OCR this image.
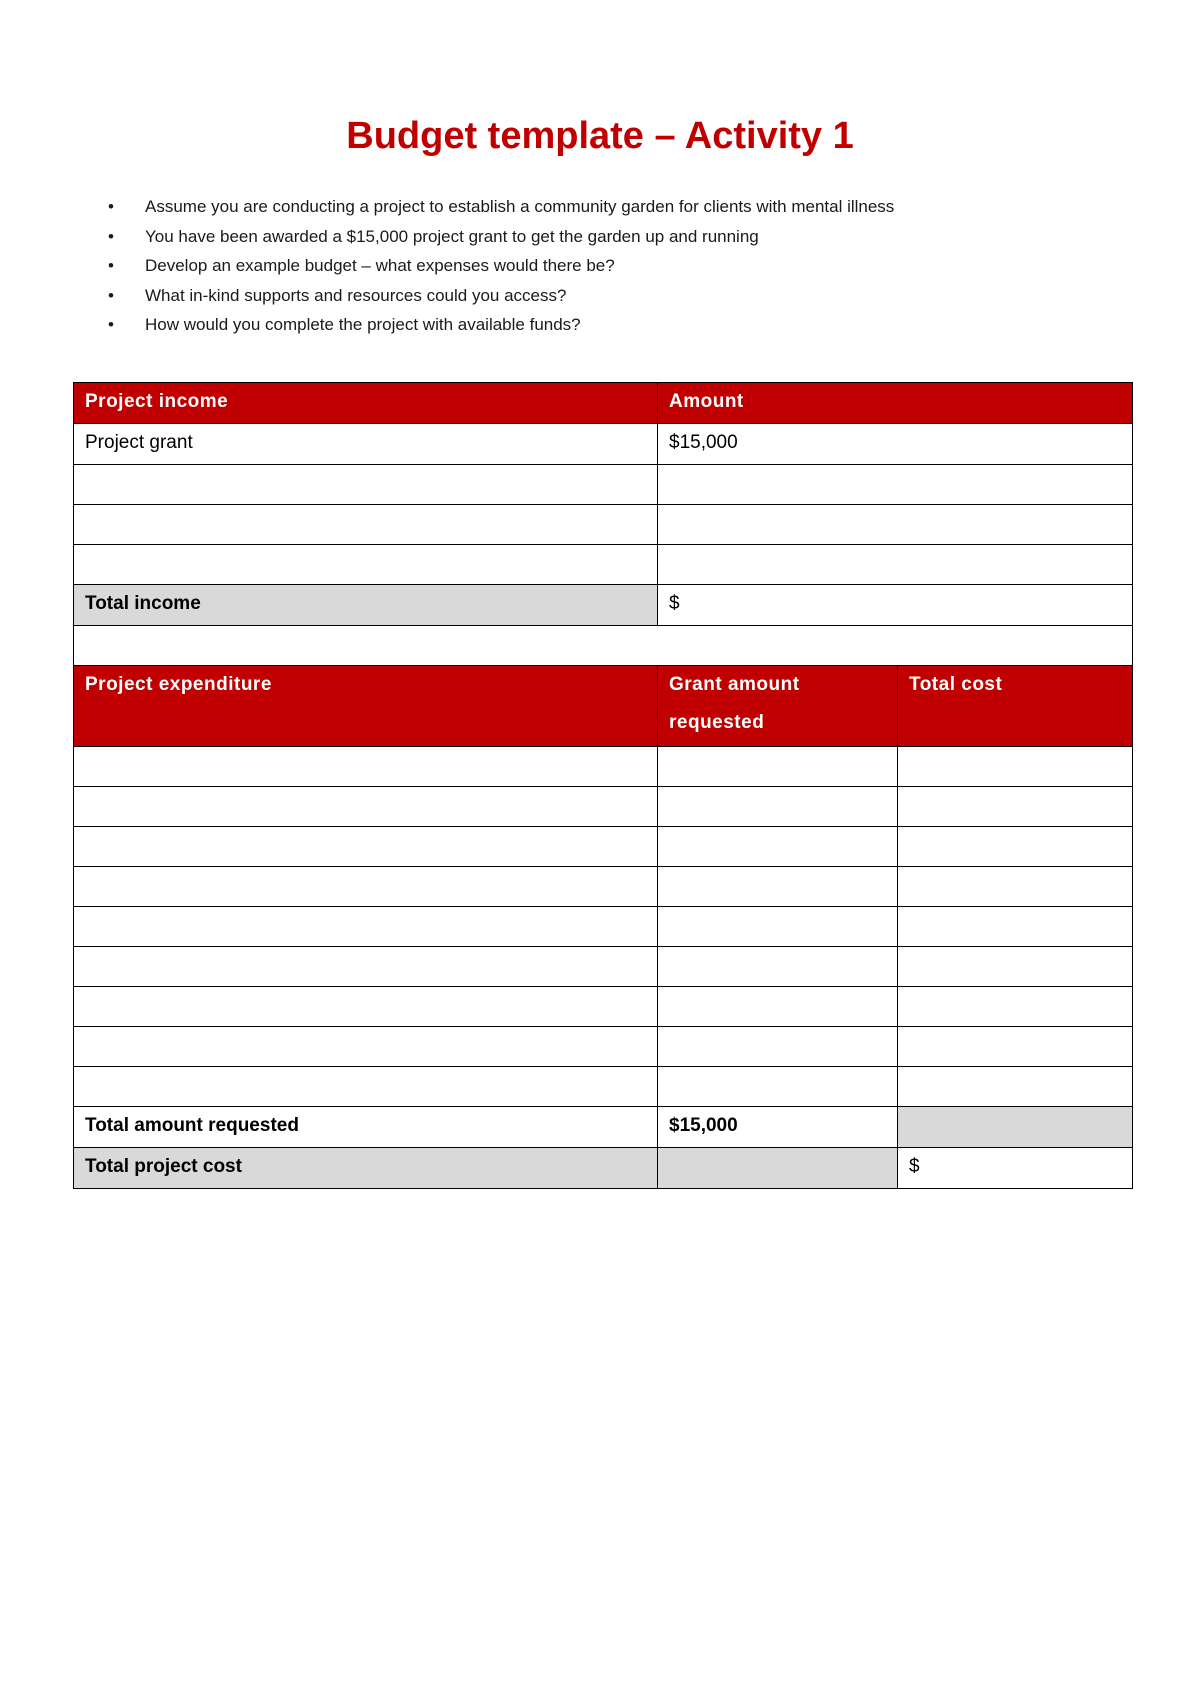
Budget template – Activity 1
• Assume you are conducting a project to establish a community garden for clients with mental illness
• You have been awarded a $15,000 project grant to get the garden up and running
• Develop an example budget – what expenses would there be?
• What in-kind supports and resources could you access?
• How would you complete the project with available funds?
Project income	Amount	
Project grant	$15,000	

Total income	$	

Project expenditure	Grant amount requested	Total cost

Total amount requested	$15,000	
Total project cost		$
